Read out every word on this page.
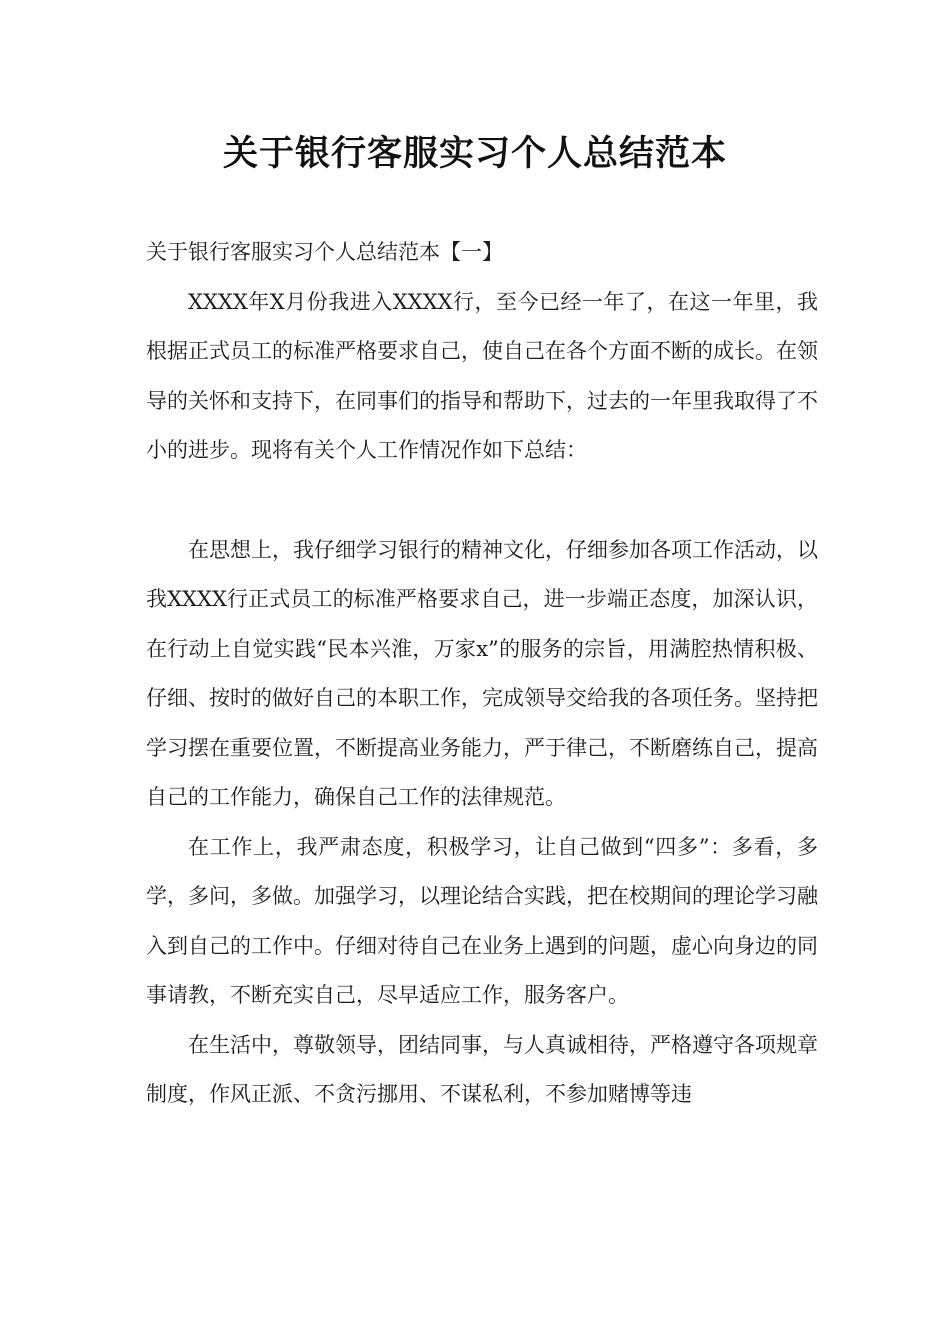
关于银行客服实习个人总结范本

关于银行客服实习个人总结范本【一】

XXXX年X月份我进入XXXX行，至今已经一年了，在这一年里，我根据正式员工的标准严格要求自己，使自己在各个方面不断的成长。在领导的关怀和支持下，在同事们的指导和帮助下，过去的一年里我取得了不小的进步。现将有关个人工作情况作如下总结：

在思想上，我仔细学习银行的精神文化，仔细参加各项工作活动，以我XXXX行正式员工的标准严格要求自己，进一步端正态度，加深认识，在行动上自觉实践“民本兴淮，万家x”的服务的宗旨，用满腔热情积极、仔细、按时的做好自己的本职工作，完成领导交给我的各项任务。坚持把学习摆在重要位置，不断提高业务能力，严于律己，不断磨练自己，提高自己的工作能力，确保自己工作的法律规范。

在工作上，我严肃态度，积极学习，让自己做到“四多”：多看，多学，多问，多做。加强学习，以理论结合实践，把在校期间的理论学习融入到自己的工作中。仔细对待自己在业务上遇到的问题，虚心向身边的同事请教，不断充实自己，尽早适应工作，服务客户。

在生活中，尊敬领导，团结同事，与人真诚相待，严格遵守各项规章制度，作风正派、不贪污挪用、不谋私利，不参加赌博等违
